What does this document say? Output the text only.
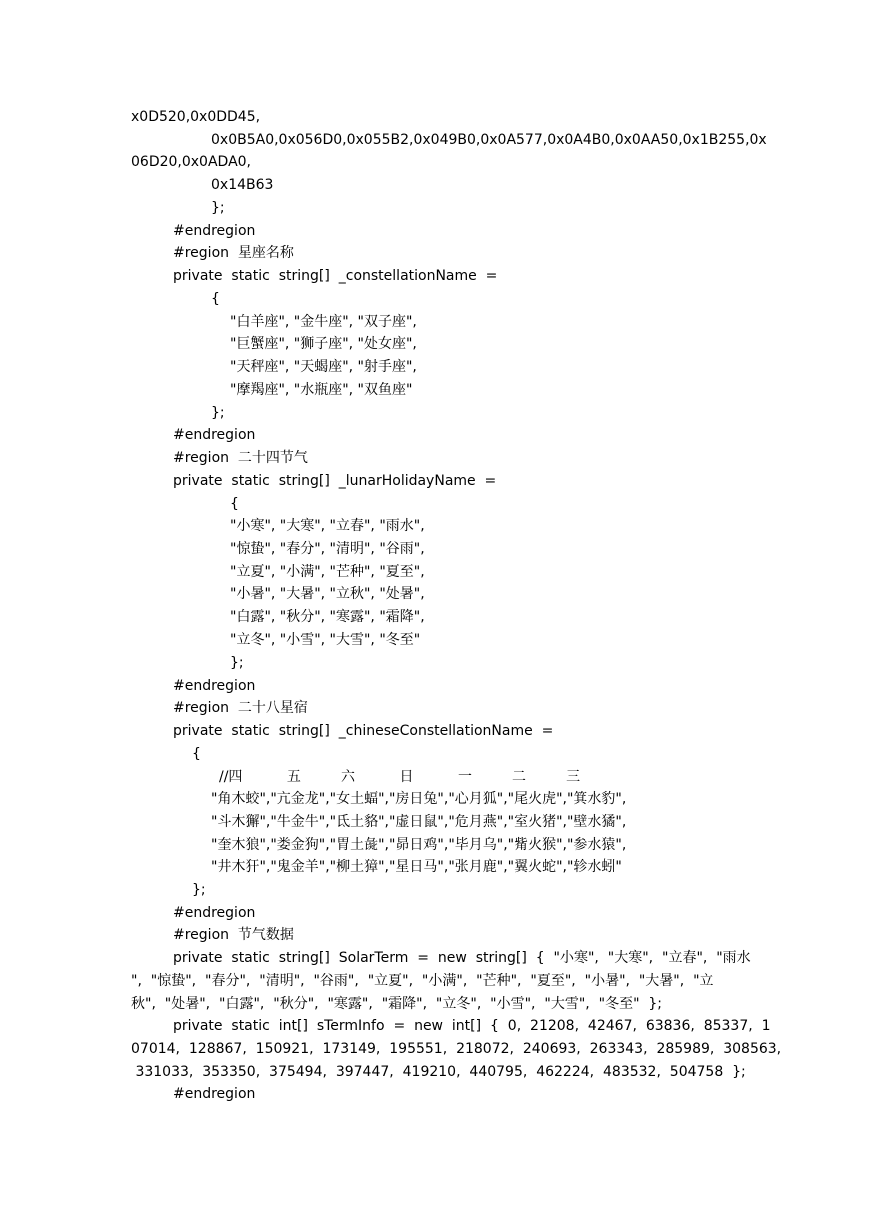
x0D520,0x0DD45,
0x0B5A0,0x056D0,0x055B2,0x049B0,0x0A577,0x0A4B0,0x0AA50,0x1B255,0x
06D20,0x0ADA0,
0x14B63
};
#endregion
#region  星座名称
private  static  string[]  _constellationName  =
{
"白羊座", "金牛座", "双子座",
"巨蟹座", "狮子座", "处女座",
"天秤座", "天蝎座", "射手座",
"摩羯座", "水瓶座", "双鱼座"
};
#endregion
#region  二十四节气
private  static  string[]  _lunarHolidayName  =
{
"小寒", "大寒", "立春", "雨水",
"惊蛰", "春分", "清明", "谷雨",
"立夏", "小满", "芒种", "夏至",
"小暑", "大暑", "立秋", "处暑",
"白露", "秋分", "寒露", "霜降",
"立冬", "小雪", "大雪", "冬至"
};
#endregion
#region  二十八星宿
private  static  string[]  _chineseConstellationName  =
{
//四          五         六          日          一         二         三
"角木蛟","亢金龙","女土蝠","房日兔","心月狐","尾火虎","箕水豹",
"斗木獬","牛金牛","氐土貉","虚日鼠","危月燕","室火猪","壁水獝",
"奎木狼","娄金狗","胃土彘","昴日鸡","毕月乌","觜火猴","参水猿",
"井木犴","鬼金羊","柳土獐","星日马","张月鹿","翼火蛇","轸水蚓"
};
#endregion
#region  节气数据
private  static  string[]  SolarTerm  =  new  string[]  {  "小寒",  "大寒",  "立春",  "雨水
",  "惊蛰",  "春分",  "清明",  "谷雨",  "立夏",  "小满",  "芒种",  "夏至",  "小暑",  "大暑",  "立
秋",  "处暑",  "白露",  "秋分",  "寒露",  "霜降",  "立冬",  "小雪",  "大雪",  "冬至"  };
private  static  int[]  sTermInfo  =  new  int[]  {  0,  21208,  42467,  63836,  85337,  1
07014,  128867,  150921,  173149,  195551,  218072,  240693,  263343,  285989,  308563,
331033,  353350,  375494,  397447,  419210,  440795,  462224,  483532,  504758  };
#endregion
